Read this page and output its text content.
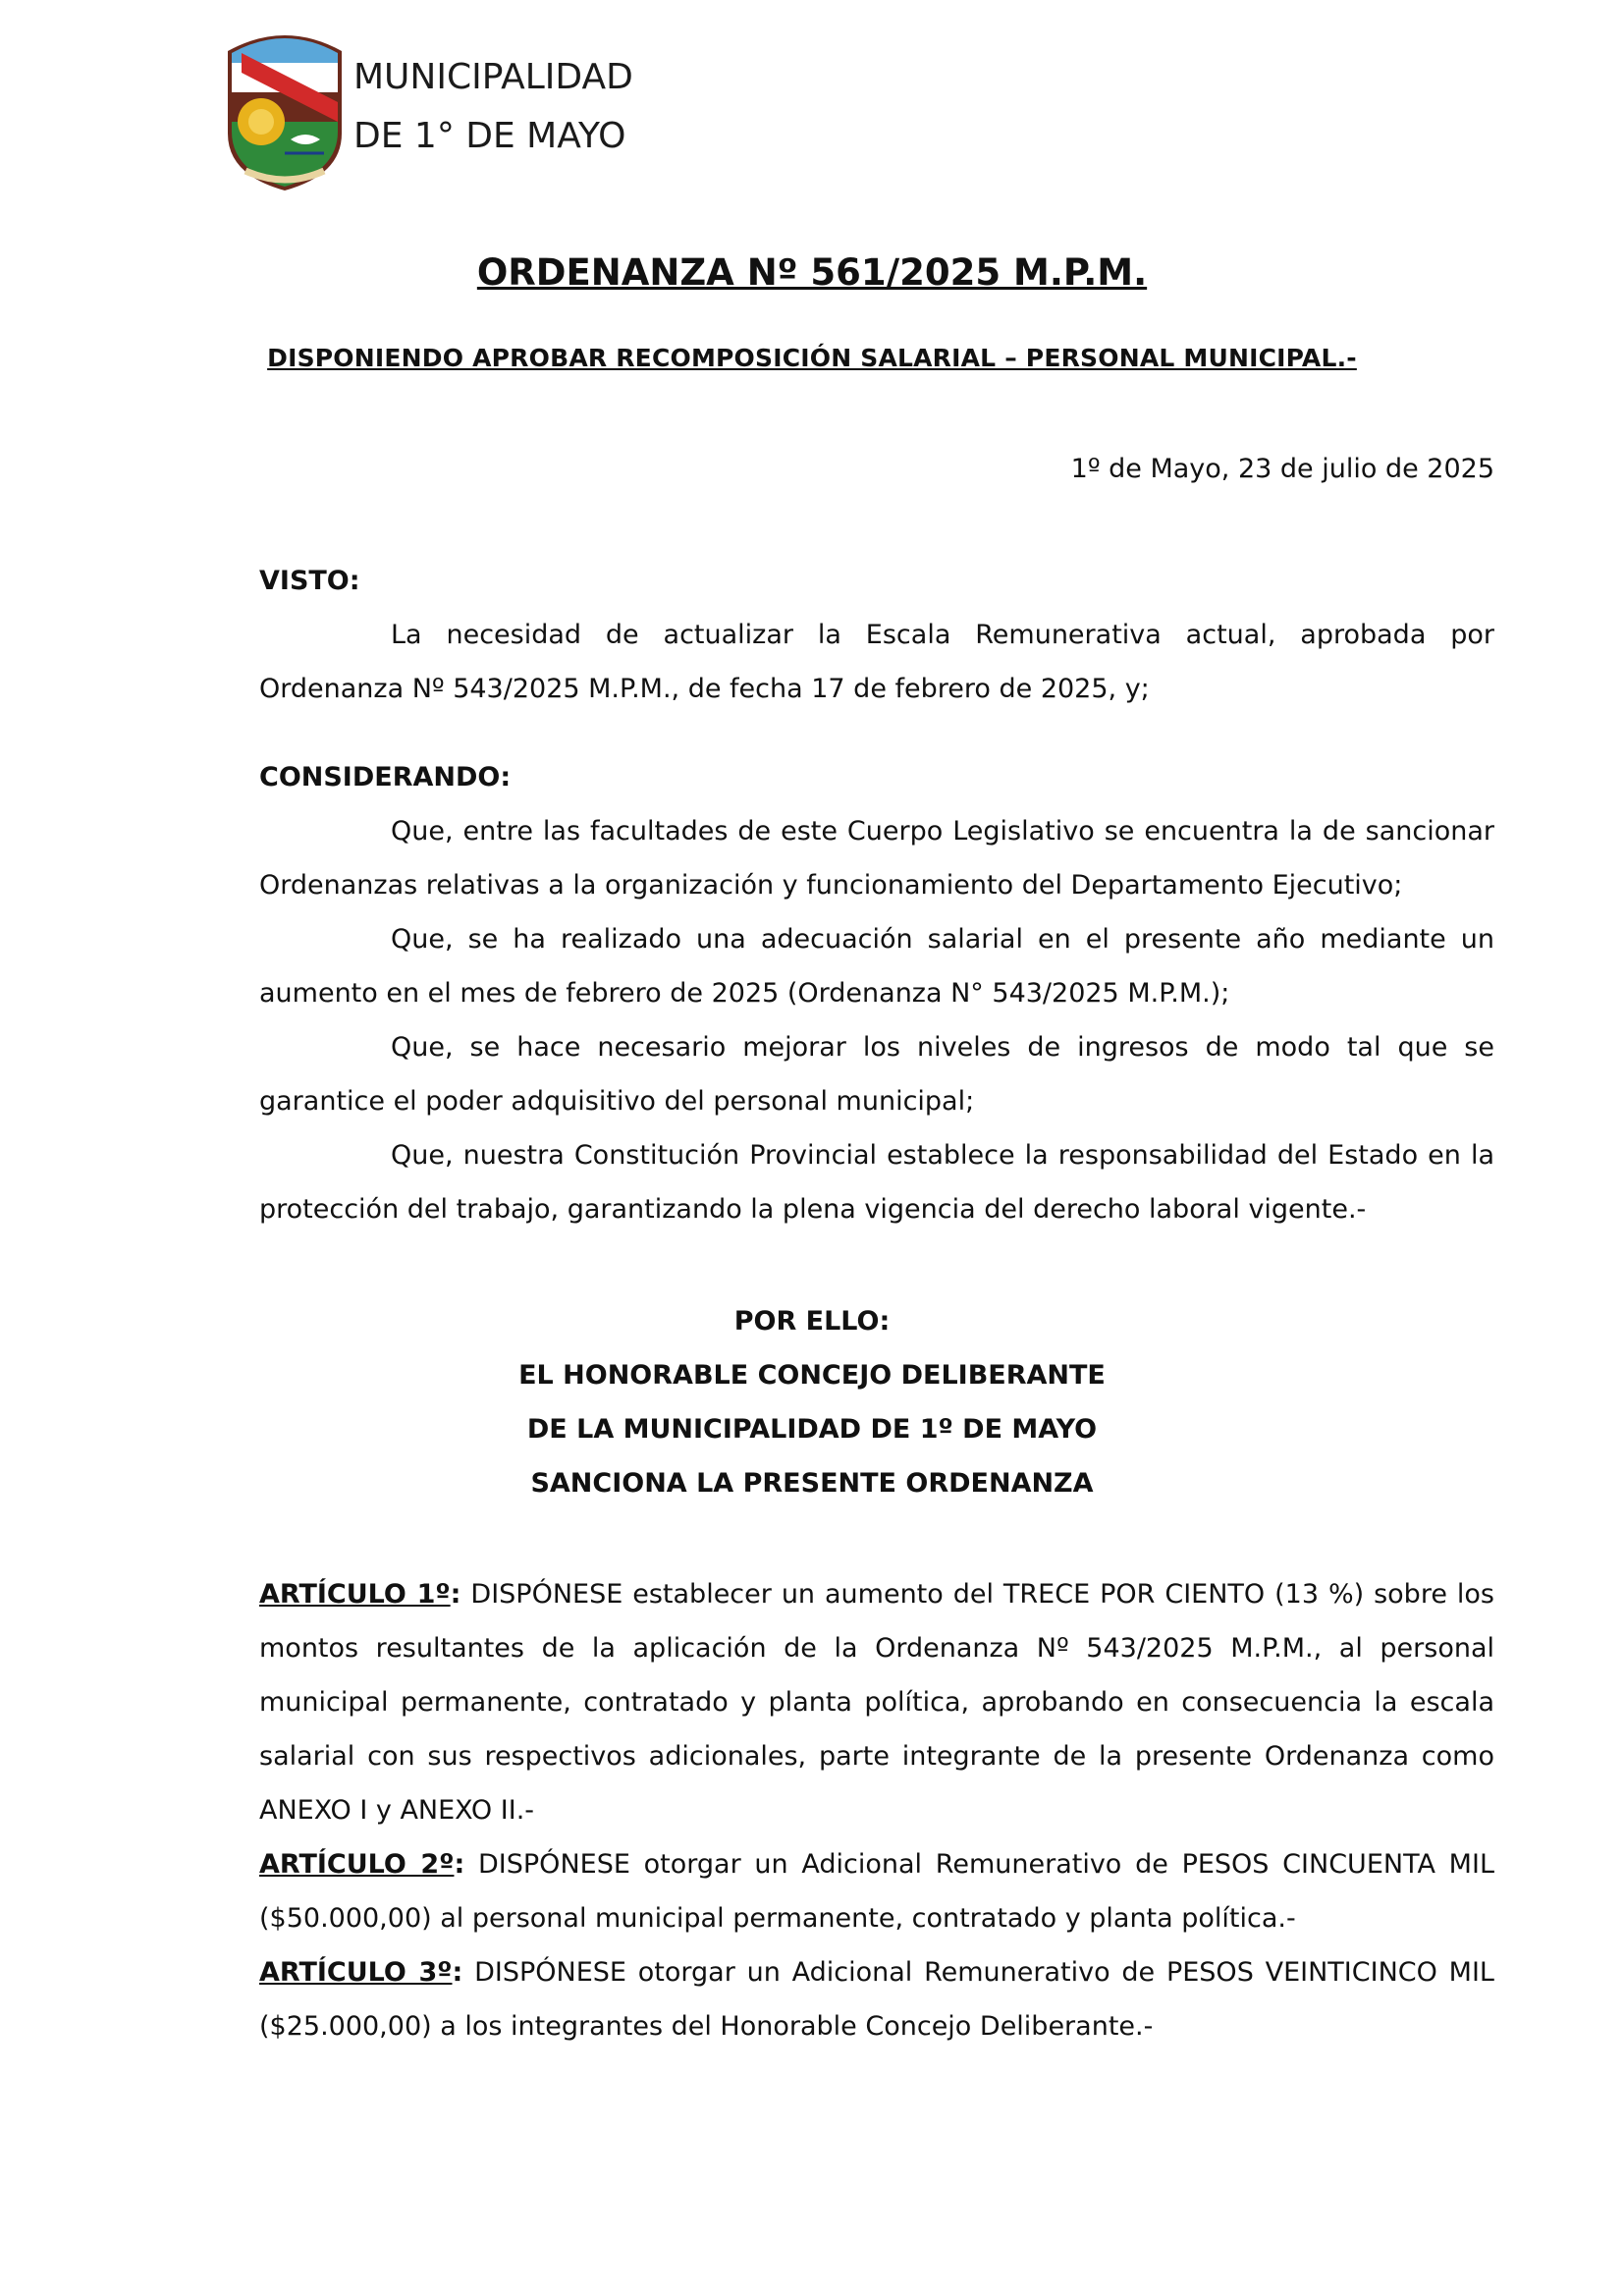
MUNICIPALIDAD
DE 1° DE MAYO
ORDENANZA Nº 561/2025 M.P.M.
DISPONIENDO APROBAR RECOMPOSICIÓN SALARIAL – PERSONAL MUNICIPAL.-
1º de Mayo, 23 de julio de 2025
VISTO:

La necesidad de actualizar la Escala Remunerativa actual, aprobada por Ordenanza Nº 543/2025 M.P.M., de fecha 17 de febrero de 2025, y;

CONSIDERANDO:

Que, entre las facultades de este Cuerpo Legislativo se encuentra la de sancionar Ordenanzas relativas a la organización y funcionamiento del Departamento Ejecutivo;

Que, se ha realizado una adecuación salarial en el presente año mediante un aumento en el mes de febrero de 2025 (Ordenanza N° 543/2025 M.P.M.);

Que, se hace necesario mejorar los niveles de ingresos de modo tal que se garantice el poder adquisitivo del personal municipal;

Que, nuestra Constitución Provincial establece la responsabilidad del Estado en la protección del trabajo, garantizando la plena vigencia del derecho laboral vigente.-

POR ELLO:
EL HONORABLE CONCEJO DELIBERANTE
DE LA MUNICIPALIDAD DE 1º DE MAYO
SANCIONA LA PRESENTE ORDENANZA

ARTÍCULO 1º: DISPÓNESE establecer un aumento del TRECE POR CIENTO (13 %) sobre los montos resultantes de la aplicación de la Ordenanza Nº 543/2025 M.P.M., al personal municipal permanente, contratado y planta política, aprobando en consecuencia la escala salarial con sus respectivos adicionales, parte integrante de la presente Ordenanza como ANEXO I y ANEXO II.-

ARTÍCULO 2º: DISPÓNESE otorgar un Adicional Remunerativo de PESOS CINCUENTA MIL ($50.000,00) al personal municipal permanente, contratado y planta política.-

ARTÍCULO 3º: DISPÓNESE otorgar un Adicional Remunerativo de PESOS VEINTICINCO MIL ($25.000,00) a los integrantes del Honorable Concejo Deliberante.-
